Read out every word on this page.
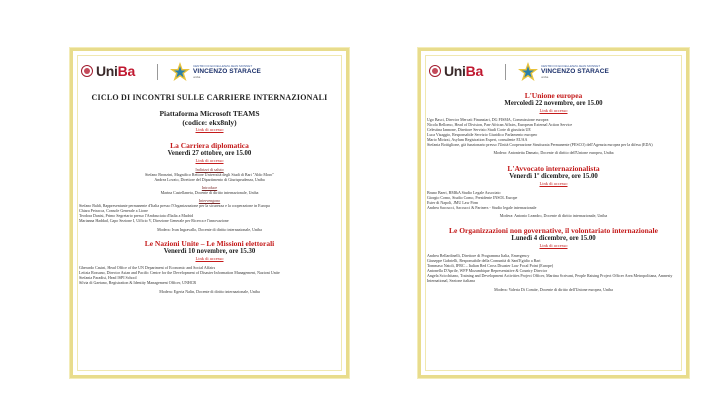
UniBa	CENTRO DI ECCELLENZA JEAN MONNET
VINCENZO STARACE
uniba
CICLO DI INCONTRI SULLE CARRIERE INTERNAZIONALI
Piattaforma Microsoft TEAMS
(codice: ekx8nly)
Link di accesso
La Carriera diplomatica
Venerdì 27 ottobre, ore 15.00
Link di accesso
Indirizzi di saluto
Stefano Bronzini, Magnifico Rettore Università degli Studi di Bari "Aldo Moro"
Andrea Lovato, Direttore del Dipartimento di Giurisprudenza, Uniba
Introduce
Marina Castellaneta, Docente di diritto internazionale, Uniba
Intervengono
Stefano Baldi, Rappresentante permanente d'Italia presso l'Organizzazione per la sicurezza e la cooperazione in Europa
Chiara Petracca, Console Generale a Lione
Teodora Danisi, Primo Segretario presso l'Ambasciata d'Italia a Madrid
Marianna Haddad, Capo Sezione I, Ufficio V, Direzione Generale per Ricerca e l'innovazione
Modera: Ivan Ingravallo, Docente di diritto internazionale, Uniba
Le Nazioni Unite – Le Missioni elettorali
Venerdì 10 novembre, ore 15.30
Link di accesso
Gherardo Casini, Head Office of the UN Department of Economic and Social Affairs
Letizia Rossano, Director Asian and Pacific Centre for the Development of Disaster Information Management, Nazioni Unite
Stefania Paradisi, Head ISPI School
Silvia di Gaetano, Registration & Identity Management Officer, UNHCR
Modera: Egeria Nalin, Docente di diritto internazionale, Uniba
UniBa	CENTRO DI ECCELLENZA JEAN MONNET
VINCENZO STARACE
uniba
L'Unione europea
Mercoledì 22 novembre, ore 15.00
Link di accesso
Ugo Basci, Director Mercati Finanziari, DG FISMA, Commissione europea
Nicola Bellomo, Head of Division, Pan-African Affairs, European External Action Service
Celestina Iannone, Direttore Servizio Studi Corte di giustizia UE
Luca Visaggio, Responsabile Servizio Giuridico Parlamento europeo
Mario Mirizzi, Asylum Registration Expert, consulente EUAA
Stefania Bottiglione, già funzionario presso l'Unità Cooperazione Strutturata Permanente (PESCO) dell'Agenzia europea per la difesa (EDA)
Modera: Antonietta Damato, Docente di diritto dell'Unione europea, Uniba
L'Avvocato internazionalista
Venerdì 1º dicembre, ore 15.00
Link di accesso
Bruno Baeri, BM&A Studio Legale Associato
Giorgio Como, Studio Como, Presidente INSOL Europe
Ester di Napoli, JMU Law Firm
Andrea Saccucci, Saccucci & Partners - Studio legale internazionale
Modera: Antonio Leandro, Docente di diritto internazionale, Uniba
Le Organizzazioni non governative, il volontariato internazionale
Lunedì 4 dicembre, ore 15.00
Link di accesso
Andrea Bellardinelli, Direttore di Programma Italia, Emergency
Giuseppe Gabrielli, Responsabile della Comunità di Sant'Egidio a Bari
Tommaso Natoli, IFRC – Italian Red Cross Disaster Law Focal Point (Europe)
Antonella D'Aprile, WFP Mozambique Representative & Country Director
Angela Scicchitano, Training and Development Activities Project Officer, Martina Scrivani, People Raising Project Officer Area Metropolitana, Amnesty International, Sezione italiana
Modera: Valeria Di Comite, Docente di diritto dell'Unione europea, Uniba
